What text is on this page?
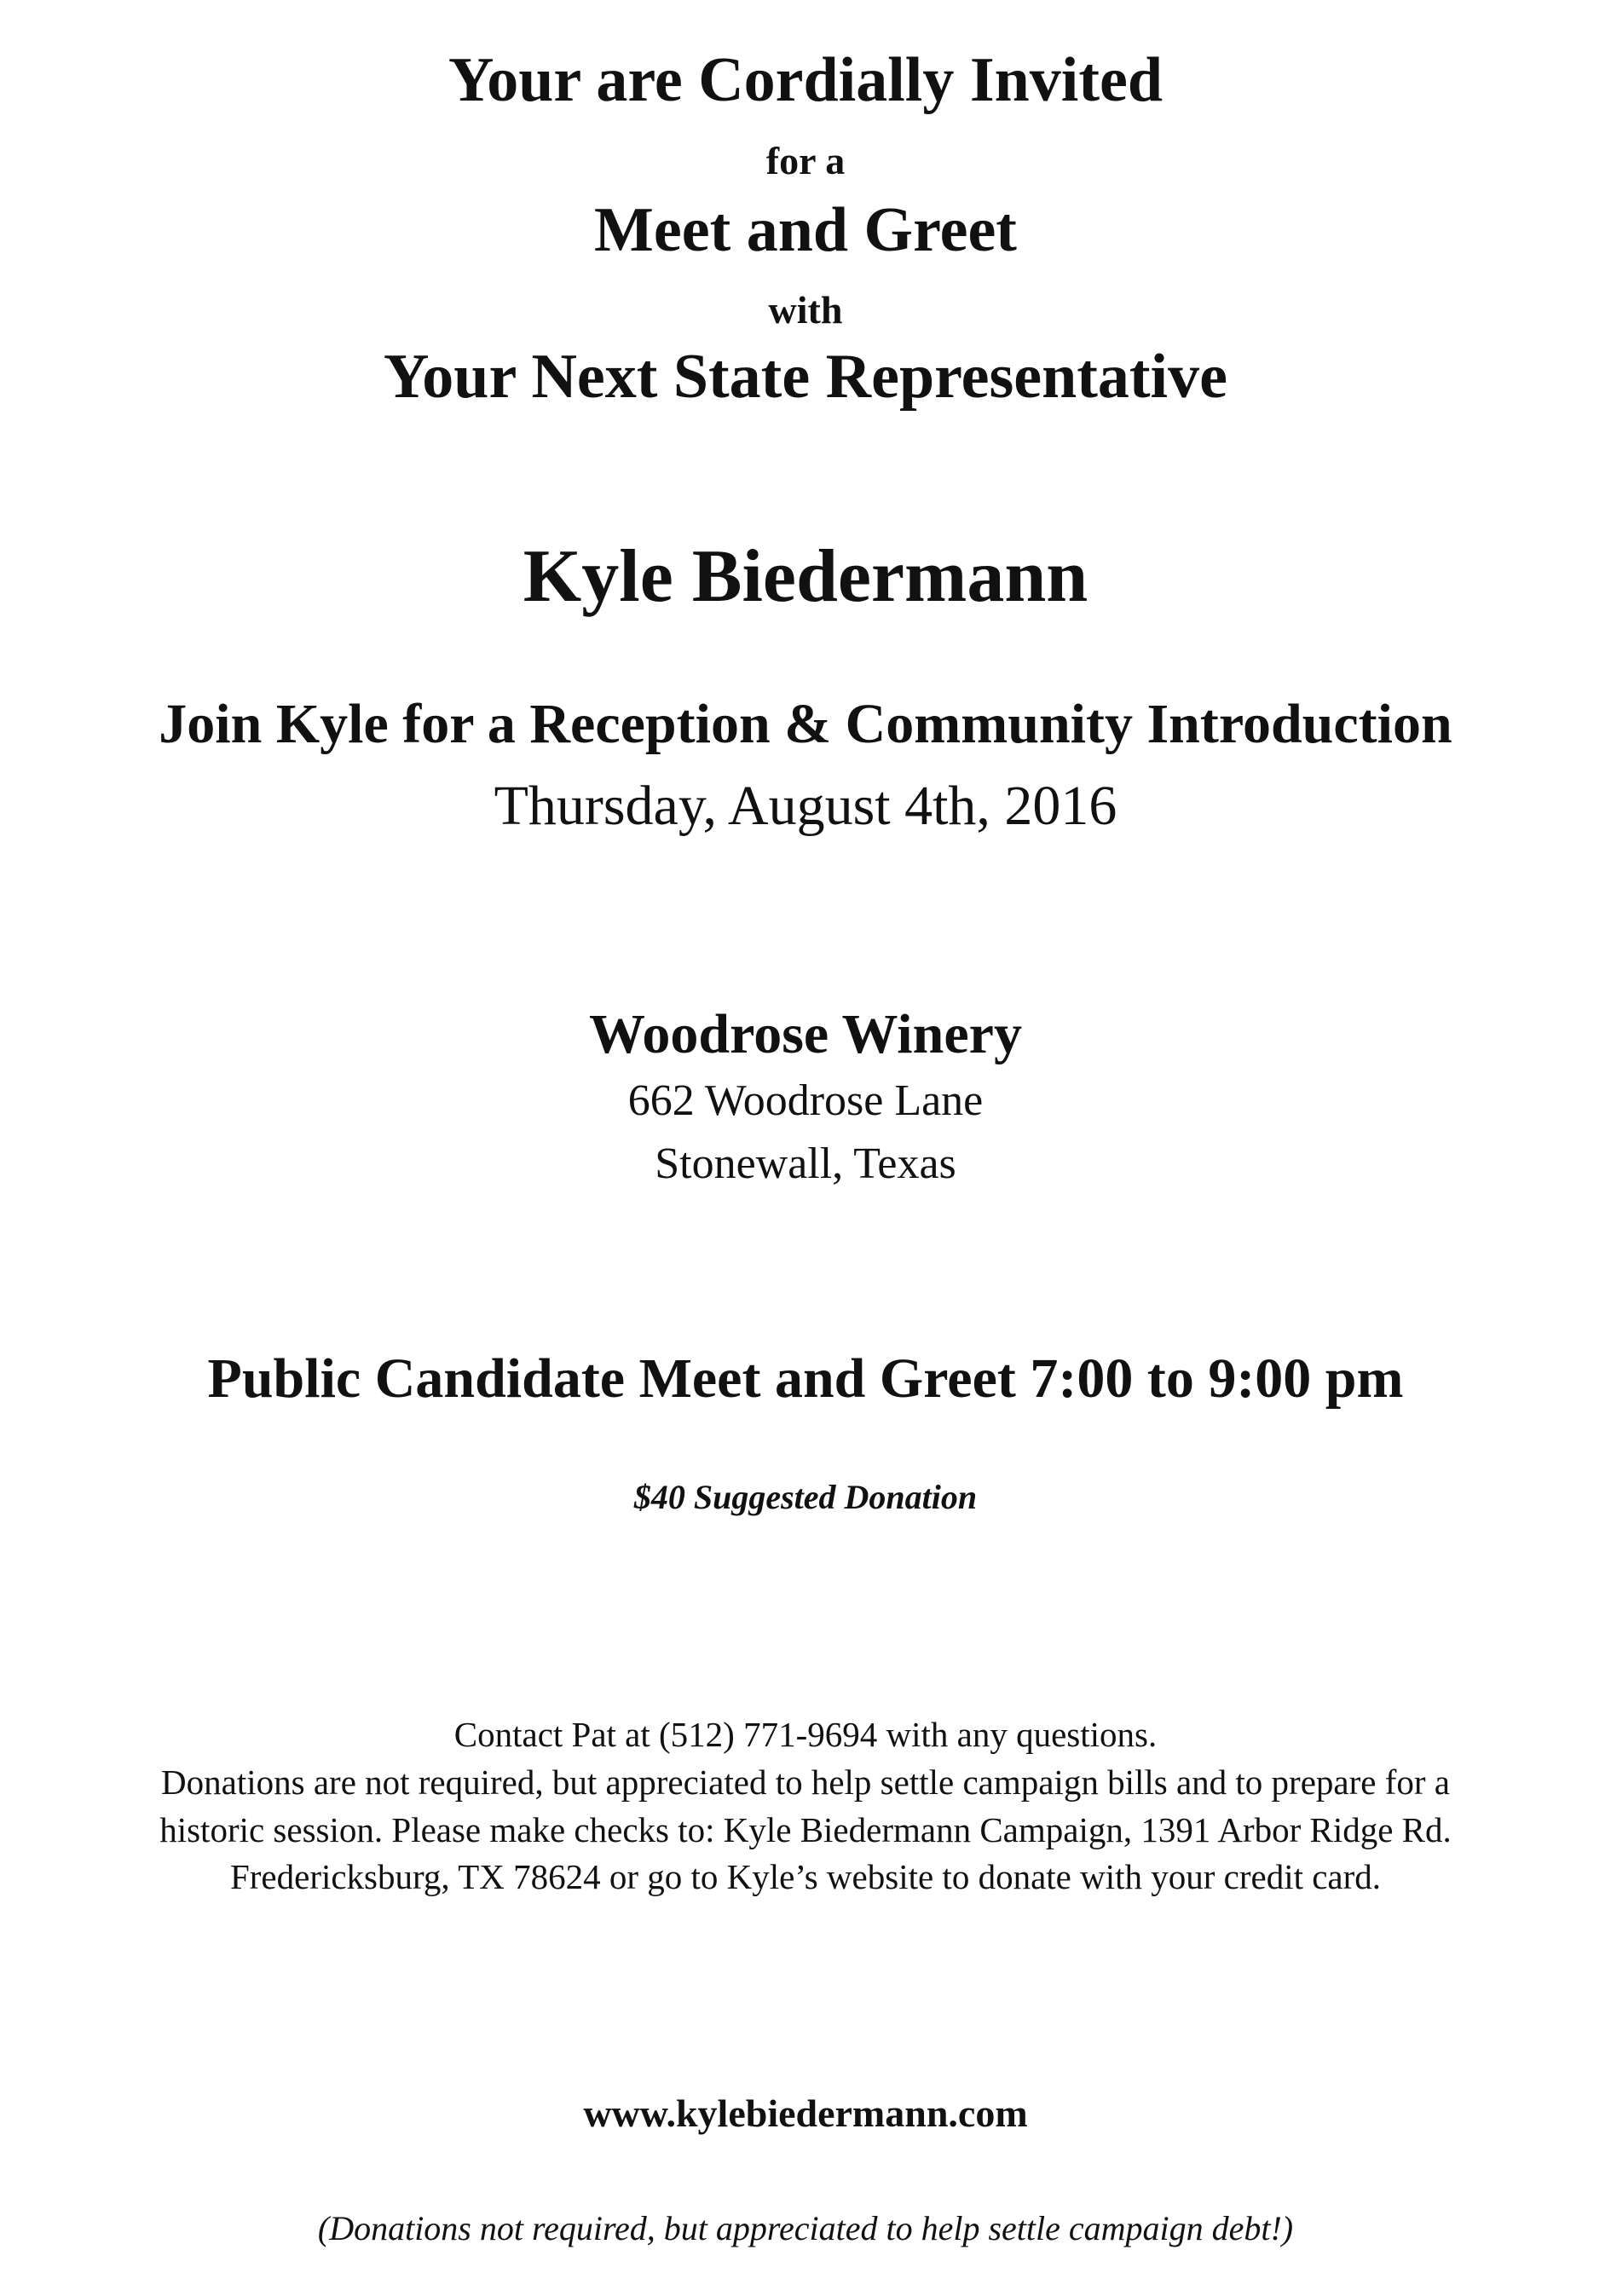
Your are Cordially Invited
for a
Meet and Greet
with
Your Next State Representative
Kyle Biedermann
Join Kyle for a Reception & Community Introduction
Thursday, August 4th, 2016
Woodrose Winery
662 Woodrose Lane
Stonewall, Texas
Public Candidate Meet and Greet 7:00 to 9:00 pm
$40 Suggested Donation
Contact Pat at (512) 771-9694 with any questions.
Donations are not required, but appreciated to help settle campaign bills and to prepare for a
historic session. Please make checks to: Kyle Biedermann Campaign, 1391 Arbor Ridge Rd.
Fredericksburg, TX 78624 or go to Kyle’s website to donate with your credit card.
www.kylebiedermann.com
(Donations not required, but appreciated to help settle campaign debt!)
